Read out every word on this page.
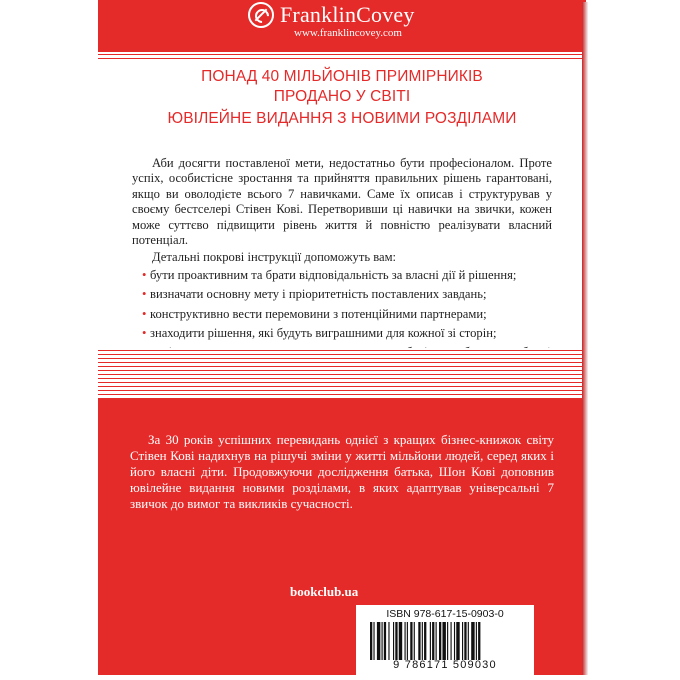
FranklinCovey
www.franklincovey.com
ПОНАД 40 МІЛЬЙОНІВ ПРИМІРНИКІВ
ПРОДАНО У СВІТІ
ЮВІЛЕЙНЕ ВИДАННЯ З НОВИМИ РОЗДІЛАМИ

Аби досягти поставленої мети, недостатньо бути професіоналом. Проте успіх, особистісне зростання та прийняття правильних рішень гарантовані, якщо ви оволодієте всього 7 навичками. Саме їх описав і структурував у своєму бестселері Стівен Кові. Перетворивши ці навички на звички, кожен може суттєво підвищити рівень життя й повністю реалізувати власний потенціал.

Детальні покрові інструкції допоможуть вам:

• бути проактивним та брати відповідальність за власні дії й рішення;
• визначати основну мету і пріоритетність поставлених завдань;
• конструктивно вести перемовини з потенційними партнерами;
• знаходити рішення, які будуть виграшними для кожної зі сторін;
За 30 років успішних перевидань однієї з кращих бізнес-книжок світу Стівен Кові надихнув на рішучі зміни у житті мільйони людей, серед яких і його власні діти. Продовжуючи дослідження батька, Шон Кові доповнив ювілейне видання новими розділами, в яких адаптував універсальні 7 звичок до вимог та викликів сучасності.
bookclub.ua
ISBN 978-617-15-0903-0
9 786171 509030
